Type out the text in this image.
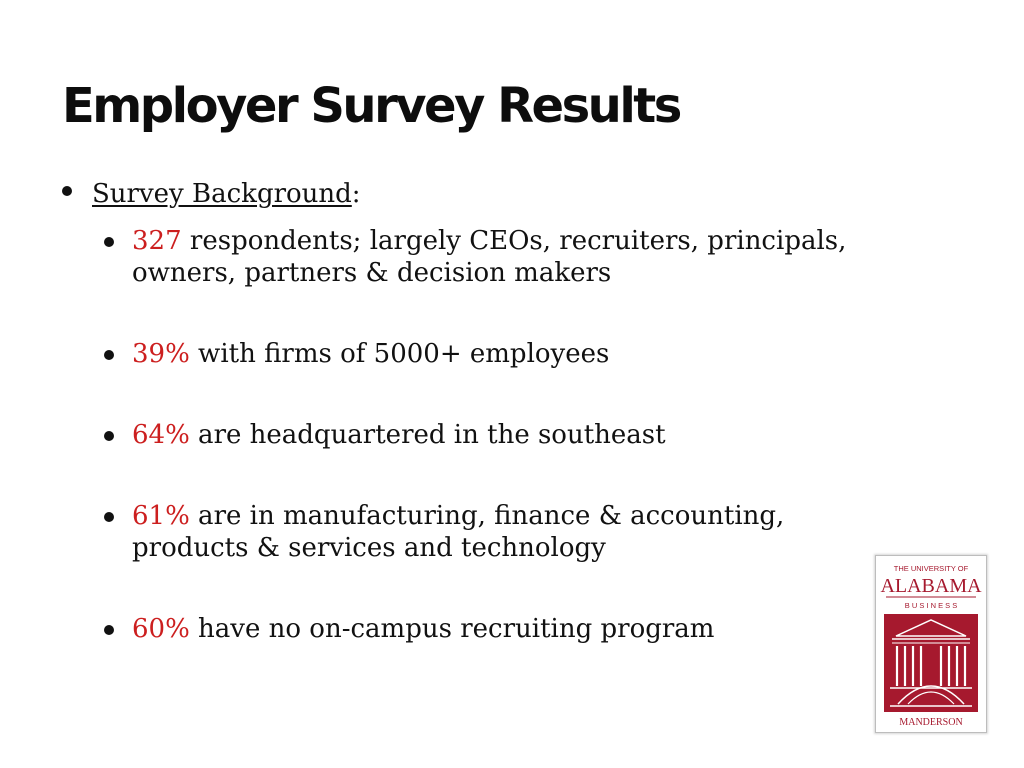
Employer Survey Results
Survey Background:
327 respondents; largely CEOs, recruiters, principals, owners, partners & decision makers
39% with firms of 5000+ employees
64% are headquartered in the southeast
61% are in manufacturing, finance & accounting, products & services and technology
60% have no on-campus recruiting program
THE UNIVERSITY OF
ALABAMA
B U S I N E S S
MANDERSON
